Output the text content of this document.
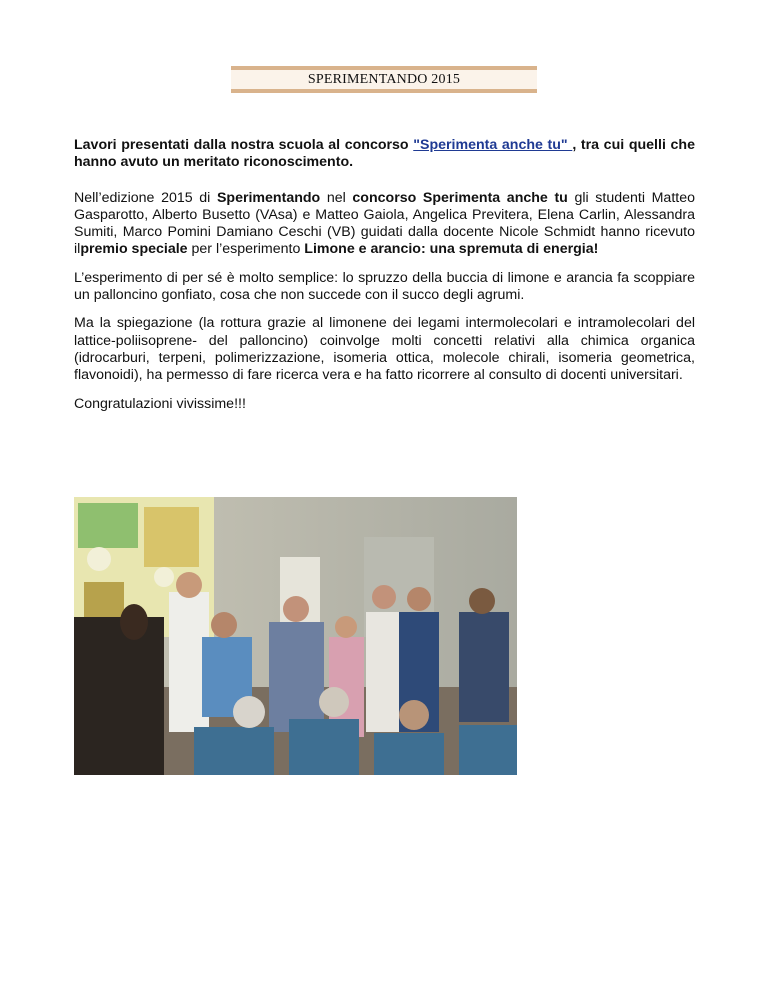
SPERIMENTANDO 2015

Lavori presentati dalla nostra scuola al concorso "Sperimenta anche tu" , tra cui quelli che hanno avuto un meritato riconoscimento.

Nell’edizione 2015 di Sperimentando nel concorso Sperimenta anche tu gli studenti Matteo Gasparotto, Alberto Busetto (VAsa) e Matteo Gaiola, Angelica Previtera, Elena Carlin, Alessandra Sumiti, Marco Pomini Damiano Ceschi (VB) guidati dalla docente Nicole Schmidt hanno ricevuto ilpremio speciale per l’esperimento Limone e arancio: una spremuta di energia!

L’esperimento di per sé è molto semplice: lo spruzzo della buccia di limone e arancia fa scoppiare un palloncino gonfiato, cosa che non succede con il succo degli agrumi.

Ma la spiegazione (la rottura grazie al limonene dei legami intermolecolari e intramolecolari del lattice-poliisoprene- del palloncino) coinvolge molti concetti relativi alla chimica organica (idrocarburi, terpeni, polimerizzazione, isomeria ottica, molecole chirali, isomeria geometrica, flavonoidi), ha permesso di fare ricerca vera e ha fatto ricorrere al consulto di docenti universitari.

Congratulazioni vivissime!!!
